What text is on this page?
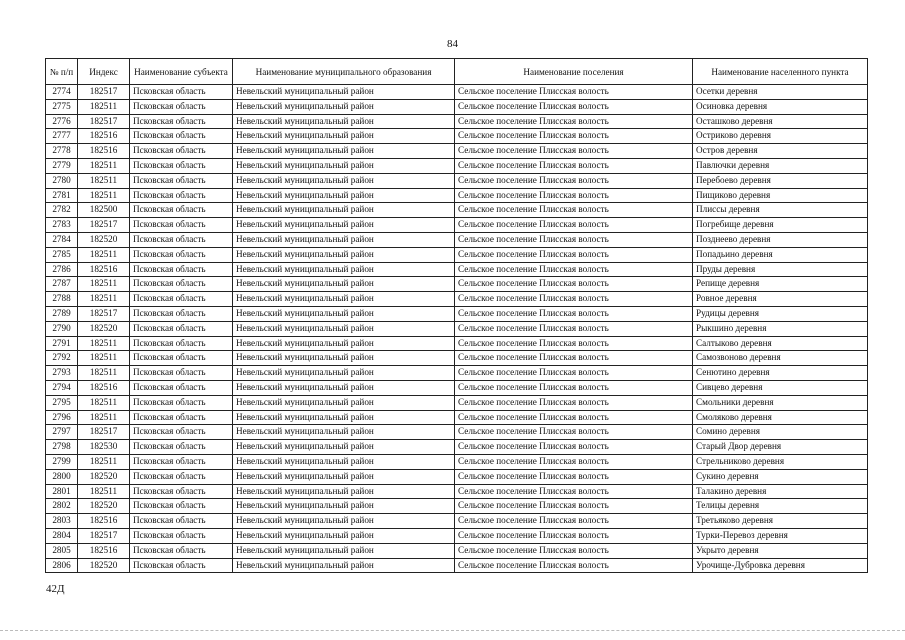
84
№ п/п	Индекс	Наименование субъекта	Наименование муниципального образования	Наименование поселения	Наименование населенного пункта
2774	182517	Псковская область	Невельский муниципальный район	Сельское поселение Плисская волость	Осетки деревня
2775	182511	Псковская область	Невельский муниципальный район	Сельское поселение Плисская волость	Осиновка деревня
2776	182517	Псковская область	Невельский муниципальный район	Сельское поселение Плисская волость	Осташково деревня
2777	182516	Псковская область	Невельский муниципальный район	Сельское поселение Плисская волость	Остриково деревня
2778	182516	Псковская область	Невельский муниципальный район	Сельское поселение Плисская волость	Остров деревня
2779	182511	Псковская область	Невельский муниципальный район	Сельское поселение Плисская волость	Павлючки деревня
2780	182511	Псковская область	Невельский муниципальный район	Сельское поселение Плисская волость	Перебоево деревня
2781	182511	Псковская область	Невельский муниципальный район	Сельское поселение Плисская волость	Пищиково деревня
2782	182500	Псковская область	Невельский муниципальный район	Сельское поселение Плисская волость	Плиссы деревня
2783	182517	Псковская область	Невельский муниципальный район	Сельское поселение Плисская волость	Погребище деревня
2784	182520	Псковская область	Невельский муниципальный район	Сельское поселение Плисская волость	Позднеево деревня
2785	182511	Псковская область	Невельский муниципальный район	Сельское поселение Плисская волость	Попадьино деревня
2786	182516	Псковская область	Невельский муниципальный район	Сельское поселение Плисская волость	Пруды деревня
2787	182511	Псковская область	Невельский муниципальный район	Сельское поселение Плисская волость	Репище деревня
2788	182511	Псковская область	Невельский муниципальный район	Сельское поселение Плисская волость	Ровное деревня
2789	182517	Псковская область	Невельский муниципальный район	Сельское поселение Плисская волость	Рудицы деревня
2790	182520	Псковская область	Невельский муниципальный район	Сельское поселение Плисская волость	Рыкшино деревня
2791	182511	Псковская область	Невельский муниципальный район	Сельское поселение Плисская волость	Салтыково деревня
2792	182511	Псковская область	Невельский муниципальный район	Сельское поселение Плисская волость	Самозвоново деревня
2793	182511	Псковская область	Невельский муниципальный район	Сельское поселение Плисская волость	Сенютино деревня
2794	182516	Псковская область	Невельский муниципальный район	Сельское поселение Плисская волость	Сивцево деревня
2795	182511	Псковская область	Невельский муниципальный район	Сельское поселение Плисская волость	Смольники деревня
2796	182511	Псковская область	Невельский муниципальный район	Сельское поселение Плисская волость	Смоляково деревня
2797	182517	Псковская область	Невельский муниципальный район	Сельское поселение Плисская волость	Сомино деревня
2798	182530	Псковская область	Невельский муниципальный район	Сельское поселение Плисская волость	Старый Двор деревня
2799	182511	Псковская область	Невельский муниципальный район	Сельское поселение Плисская волость	Стрельниково деревня
2800	182520	Псковская область	Невельский муниципальный район	Сельское поселение Плисская волость	Сукино деревня
2801	182511	Псковская область	Невельский муниципальный район	Сельское поселение Плисская волость	Талакино деревня
2802	182520	Псковская область	Невельский муниципальный район	Сельское поселение Плисская волость	Телицы деревня
2803	182516	Псковская область	Невельский муниципальный район	Сельское поселение Плисская волость	Третьяково деревня
2804	182517	Псковская область	Невельский муниципальный район	Сельское поселение Плисская волость	Турки-Перевоз деревня
2805	182516	Псковская область	Невельский муниципальный район	Сельское поселение Плисская волость	Укрыто деревня
2806	182520	Псковская область	Невельский муниципальный район	Сельское поселение Плисская волость	Урочище-Дубровка деревня
42Д
